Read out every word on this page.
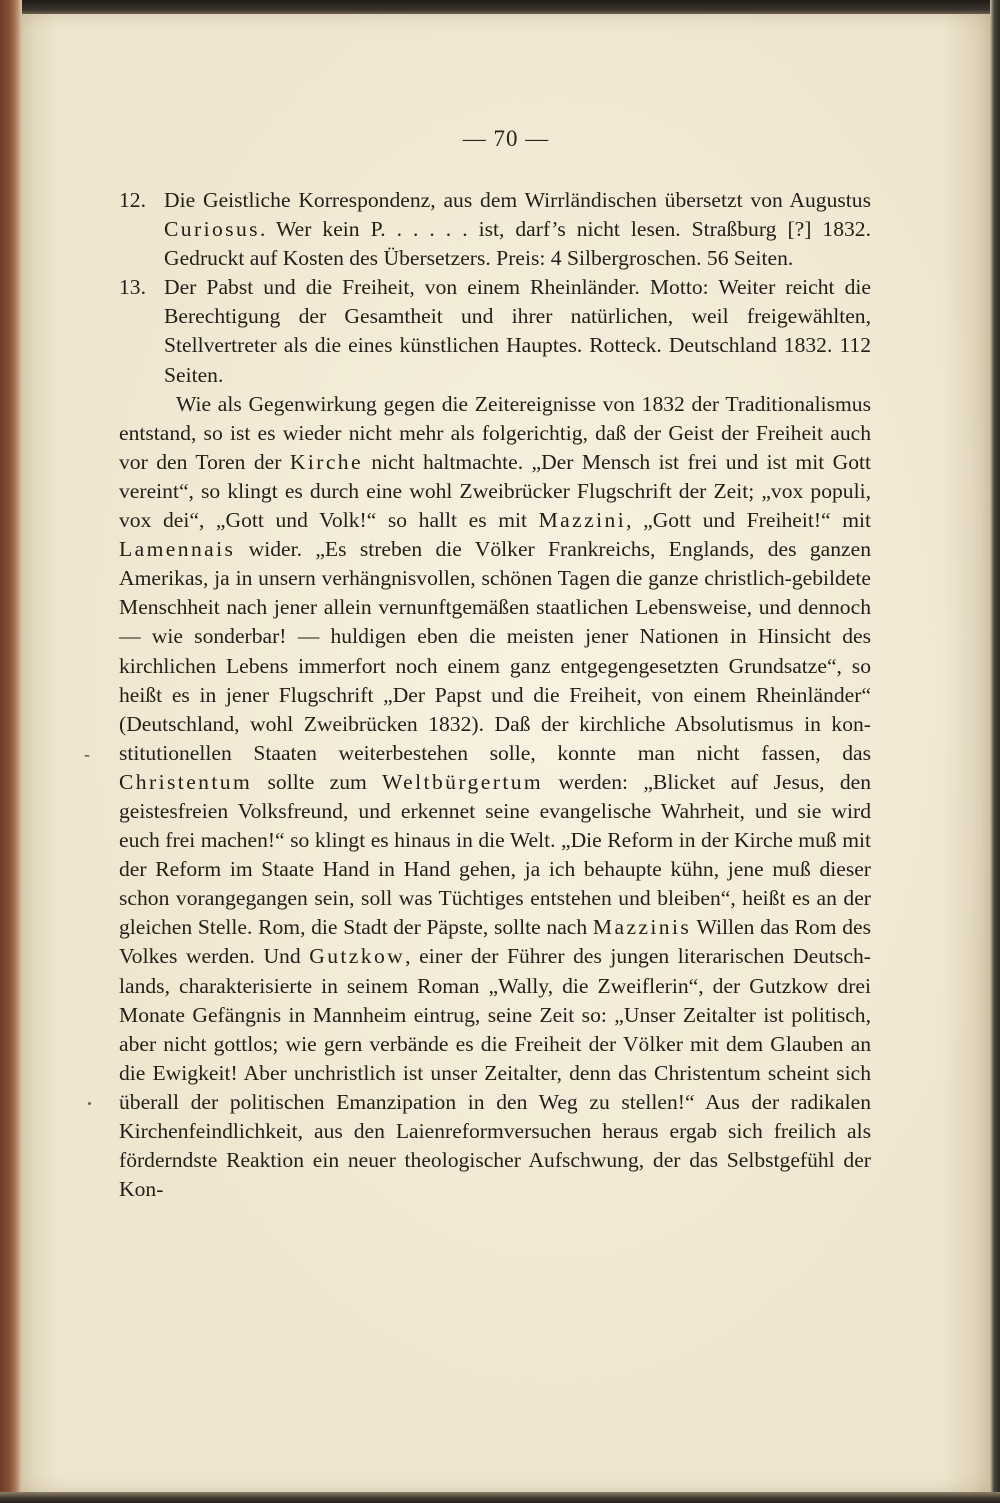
— 70 —
-

12. Die Geistliche Korrespondenz, aus dem Wirrländischen übersetzt von Augustus Curiosus. Wer kein P. . . . . . ist, darf’s nicht lesen. Straßburg [?] 1832. Gedruckt auf Kosten des Übersetzers. Preis: 4 Silbergroschen. 56 Seiten.

13. Der Pabst und die Freiheit, von einem Rheinländer. Motto: Weiter reicht die Berechtigung der Gesamtheit und ihrer natürlichen, weil freigewählten, Stellvertreter als die eines künstlichen Hauptes. Rotteck. Deutschland 1832. 112 Seiten.

Wie als Gegenwirkung gegen die Zeitereignisse von 1832 der Traditionalismus entstand, so ist es wieder nicht mehr als folgerichtig, daß der Geist der Freiheit auch vor den Toren der Kirche nicht haltmachte. „Der Mensch ist frei und ist mit Gott vereint“, so klingt es durch eine wohl Zweibrücker Flugschrift der Zeit; „vox populi, vox dei“, „Gott und Volk!“ so hallt es mit Mazzini, „Gott und Freiheit!“ mit Lamennais wider. „Es streben die Völker Frankreichs, Englands, des ganzen Amerikas, ja in unsern verhängnisvollen, schönen Tagen die ganze christlich-gebildete Menschheit nach jener allein vernunftgemäßen staatlichen Lebensweise, und dennoch — wie sonderbar! — huldigen eben die meisten jener Nationen in Hinsicht des kirchlichen Lebens immerfort noch einem ganz entgegengesetzten Grundsatze“, so heißt es in jener Flugschrift „Der Papst und die Freiheit, von einem Rheinländer“ (Deutschland, wohl Zweibrücken 1832). Daß der kirchliche Absolutismus in konstitutionellen Staaten weiterbestehen solle, konnte man nicht fassen, das Christentum sollte zum Weltbürgertum werden: „Blicket auf Jesus, den geistesfreien Volksfreund, und erkennet seine evangelische Wahrheit, und sie wird euch frei machen!“ so klingt es hinaus in die Welt. „Die Reform in der Kirche muß mit der Reform im Staate Hand in Hand gehen, ja ich behaupte kühn, jene muß dieser schon vorangegangen sein, soll was Tüchtiges entstehen und bleiben“, heißt es an der gleichen Stelle. Rom, die Stadt der Päpste, sollte nach Mazzinis Willen das Rom des Volkes werden. Und Gutzkow, einer der Führer des jungen literarischen Deutschlands, charakterisierte in seinem Roman „Wally, die Zweiflerin“, der Gutzkow drei Monate Gefängnis in Mannheim eintrug, seine Zeit so: „Unser Zeitalter ist politisch, aber nicht gottlos; wie gern verbände es die Freiheit der Völker mit dem Glauben an die Ewigkeit! Aber unchristlich ist unser Zeitalter, denn das Christentum scheint sich überall der politischen Emanzipation in den Weg zu stellen!“ Aus der radikalen Kirchenfeindlichkeit, aus den Laienreformversuchen heraus ergab sich freilich als förderndste Reaktion ein neuer theologischer Aufschwung, der das Selbstgefühl der Kon-
